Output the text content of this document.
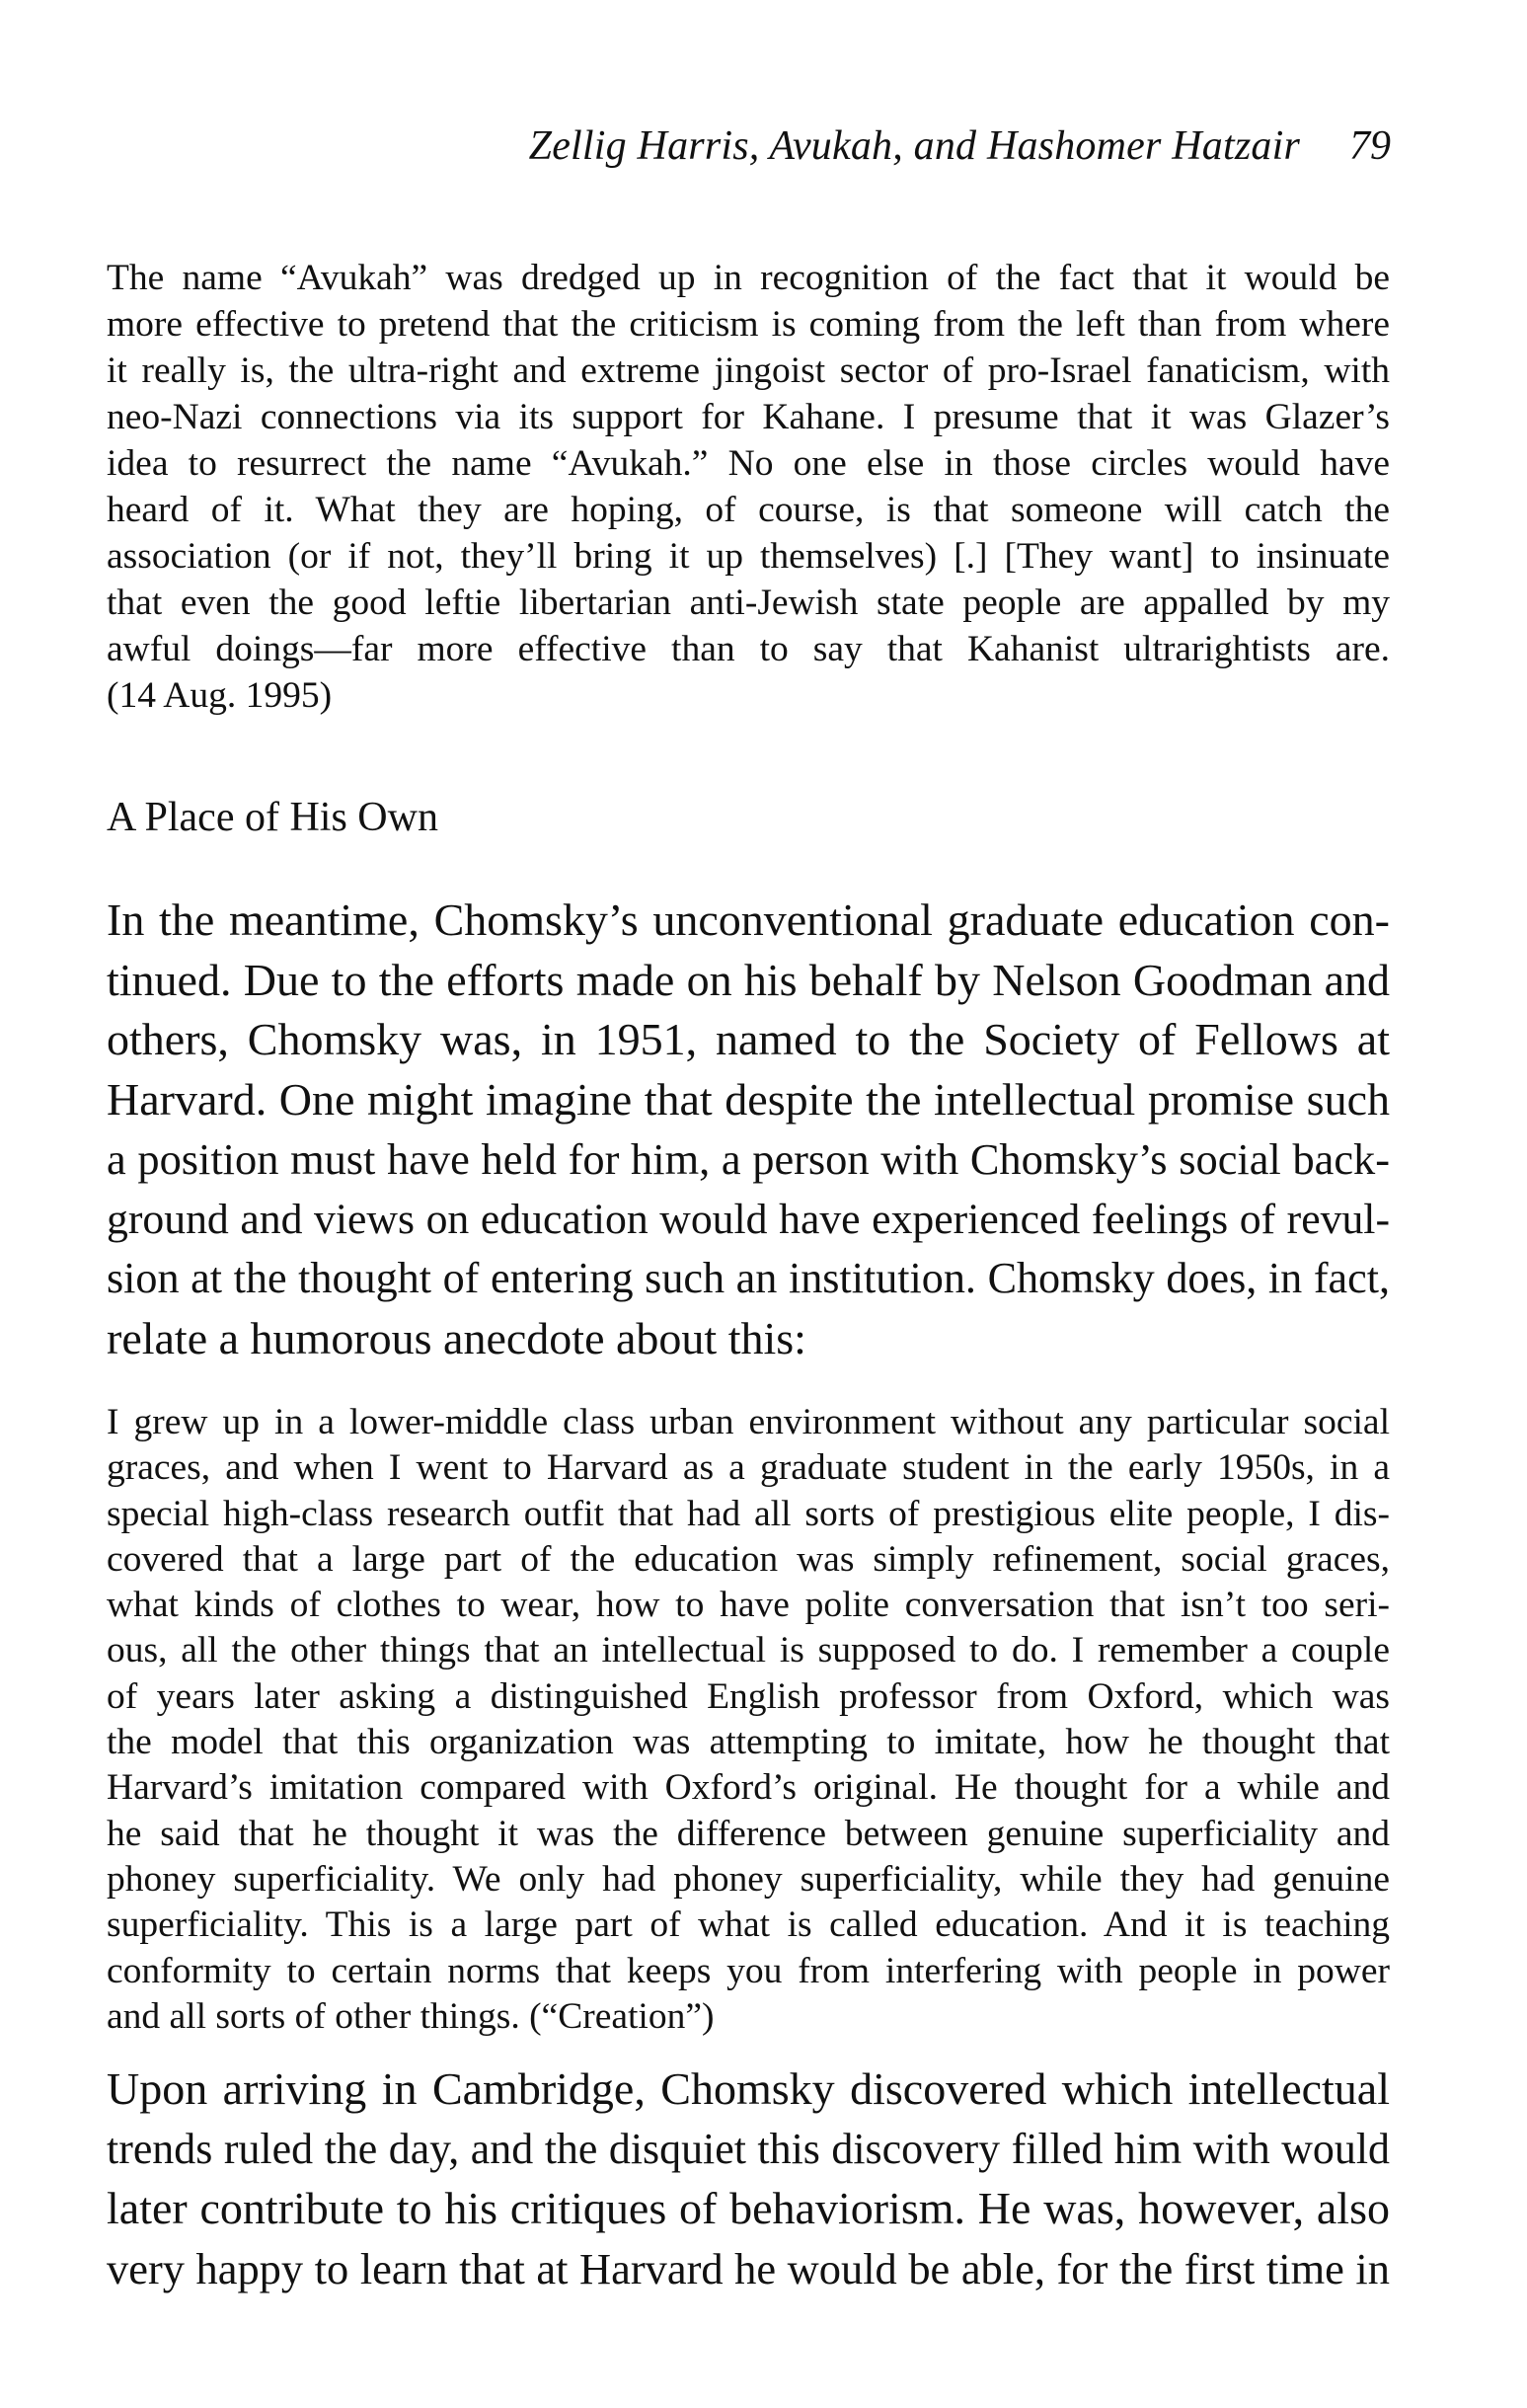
Zellig Harris, Avukah, and Hashomer Hatzair 79
The name “Avukah” was dredged up in recognition of the fact that it would be
more effective to pretend that the criticism is coming from the left than from where
it really is, the ultra-right and extreme jingoist sector of pro-Israel fanaticism, with
neo-Nazi connections via its support for Kahane. I presume that it was Glazer’s
idea to resurrect the name “Avukah.” No one else in those circles would have
heard of it. What they are hoping, of course, is that someone will catch the
association (or if not, they’ll bring it up themselves) [.] [They want] to insinuate
that even the good leftie libertarian anti-Jewish state people are appalled by my
awful doings—far more effective than to say that Kahanist ultrarightists are.
(14 Aug. 1995)
A Place of His Own
In the meantime, Chomsky’s unconventional graduate education con-
tinued. Due to the efforts made on his behalf by Nelson Goodman and
others, Chomsky was, in 1951, named to the Society of Fellows at
Harvard. One might imagine that despite the intellectual promise such
a position must have held for him, a person with Chomsky’s social back-
ground and views on education would have experienced feelings of revul-
sion at the thought of entering such an institution. Chomsky does, in fact,
relate a humorous anecdote about this:
I grew up in a lower-middle class urban environment without any particular social
graces, and when I went to Harvard as a graduate student in the early 1950s, in a
special high-class research outfit that had all sorts of prestigious elite people, I dis-
covered that a large part of the education was simply refinement, social graces,
what kinds of clothes to wear, how to have polite conversation that isn’t too seri-
ous, all the other things that an intellectual is supposed to do. I remember a couple
of years later asking a distinguished English professor from Oxford, which was
the model that this organization was attempting to imitate, how he thought that
Harvard’s imitation compared with Oxford’s original. He thought for a while and
he said that he thought it was the difference between genuine superficiality and
phoney superficiality. We only had phoney superficiality, while they had genuine
superficiality. This is a large part of what is called education. And it is teaching
conformity to certain norms that keeps you from interfering with people in power
and all sorts of other things. (“Creation”)
Upon arriving in Cambridge, Chomsky discovered which intellectual
trends ruled the day, and the disquiet this discovery filled him with would
later contribute to his critiques of behaviorism. He was, however, also
very happy to learn that at Harvard he would be able, for the first time in
